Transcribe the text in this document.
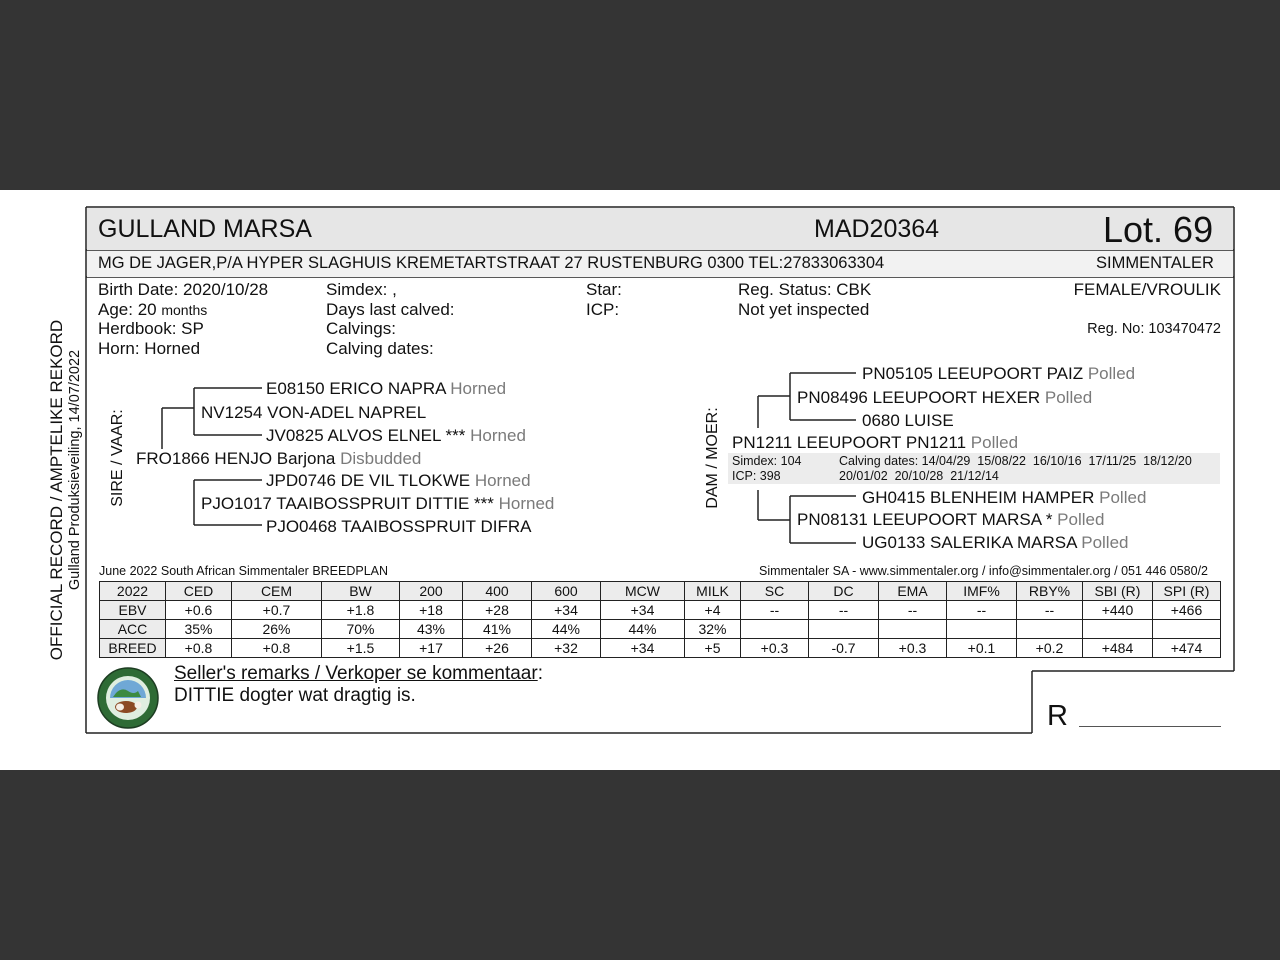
GULLAND MARSA	MAD20364	Lot. 69
MG DE JAGER,P/A HYPER SLAGHUIS KREMETARTSTRAAT 27 RUSTENBURG 0300 TEL:27833063304	SIMMENTALER
Birth Date: 2020/10/28
Age: 20 months
Herdbook: SP
Horn: Horned
Simdex: ,
Days last calved:
Calvings:
Calving dates:
Star:
ICP:
Reg. Status: CBK
Not yet inspected
FEMALE/VROULIK
Reg. No: 103470472
OFFICIAL RECORD / AMPTELIKE REKORD Gulland Produksieveiling, 14/07/2022 SIRE / VAAR:
E08150 ERICO NAPRA Horned
NV1254 VON-ADEL NAPREL
JV0825 ALVOS ELNEL *** Horned
FRO1866 HENJO Barjona Disbudded
JPD0746 DE VIL TLOKWE Horned
PJO1017 TAAIBOSSPRUIT DITTIE *** Horned
PJO0468 TAAIBOSSPRUIT DIFRA
DAM / MOER:
PN05105 LEEUPOORT PAIZ Polled
PN08496 LEEUPOORT HEXER Polled
0680 LUISE
PN1211 LEEUPOORT PN1211 Polled
Simdex: 104
ICP: 398
Calving dates: 14/04/29  15/08/22  16/10/16  17/11/25  18/12/20
20/01/02  20/10/28  21/12/14
GH0415 BLENHEIM HAMPER Polled
PN08131 LEEUPOORT MARSA * Polled
UG0133 SALERIKA MARSA Polled
June 2022 South African Simmentaler BREEDPLAN	Simmentaler SA - www.simmentaler.org / info@simmentaler.org / 051 446 0580/2
2022	CED	CEM	BW	200	400	600	MCW	MILK	SC	DC	EMA	IMF%	RBY%	SBI (R)	SPI (R)
EBV	+0.6	+0.7	+1.8	+18	+28	+34	+34	+4	--	--	--	--	--	+440	+466
ACC	35%	26%	70%	43%	41%	44%	44%	32%							
BREED	+0.8	+0.8	+1.5	+17	+26	+32	+34	+5	+0.3	-0.7	+0.3	+0.1	+0.2	+484	+474
Seller's remarks / Verkoper se kommentaar:
DITTIE dogter wat dragtig is.
R
